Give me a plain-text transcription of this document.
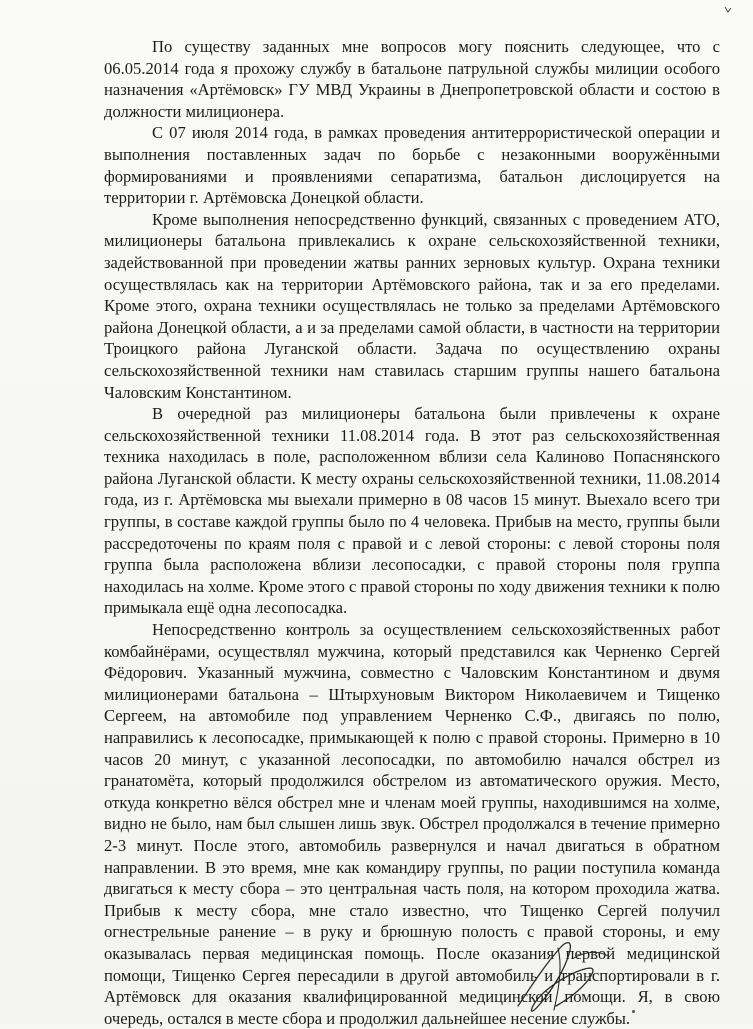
По существу заданных мне вопросов могу пояснить следующее, что с 06.05.2014 года я прохожу службу в батальоне патрульной службы милиции особого назначения «Артёмовск» ГУ МВД Украины в Днепропетровской области и состою в должности милиционера.

С 07 июля 2014 года, в рамках проведения антитеррористической операции и выполнения поставленных задач по борьбе с незаконными вооружёнными формированиями и проявлениями сепаратизма, батальон дислоцируется на территории г. Артёмовска Донецкой области.

Кроме выполнения непосредственно функций, связанных с проведением АТО, милиционеры батальона привлекались к охране сельскохозяйственной техники, задействованной при проведении жатвы ранних зерновых культур. Охрана техники осуществлялась как на территории Артёмовского района, так и за его пределами. Кроме этого, охрана техники осуществлялась не только за пределами Артёмовского района Донецкой области, а и за пределами самой области, в частности на территории Троицкого района Луганской области. Задача по осуществлению охраны сельскохозяйственной техники нам ставилась старшим группы нашего батальона Чаловским Константином.

В очередной раз милиционеры батальона были привлечены к охране сельскохозяйственной техники 11.08.2014 года. В этот раз сельскохозяйственная техника находилась в поле, расположенном вблизи села Калиново Попаснянского района Луганской области. К месту охраны сельскохозяйственной техники, 11.08.2014 года, из г. Артёмовска мы выехали примерно в 08 часов 15 минут. Выехало всего три группы, в составе каждой группы было по 4 человека. Прибыв на место, группы были рассредоточены по краям поля с правой и с левой стороны: с левой стороны поля группа была расположена вблизи лесопосадки, с правой стороны поля группа находилась на холме. Кроме этого с правой стороны по ходу движения техники к полю примыкала ещё одна лесопосадка.

Непосредственно контроль за осуществлением сельскохозяйственных работ комбайнёрами, осуществлял мужчина, который представился как Черненко Сергей Фёдорович. Указанный мужчина, совместно с Чаловским Константином и двумя милиционерами батальона – Штырхуновым Виктором Николаевичем и Тищенко Сергеем, на автомобиле под управлением Черненко С.Ф., двигаясь по полю, направились к лесопосадке, примыкающей к полю с правой стороны. Примерно в 10 часов 20 минут, с указанной лесопосадки, по автомобилю начался обстрел из гранатомёта, который продолжился обстрелом из автоматического оружия. Место, откуда конкретно вёлся обстрел мне и членам моей группы, находившимся на холме, видно не было, нам был слышен лишь звук. Обстрел продолжался в течение примерно 2-3 минут. После этого, автомобиль развернулся и начал двигаться в обратном направлении. В это время, мне как командиру группы, по рации поступила команда двигаться к месту сбора – это центральная часть поля, на котором проходила жатва. Прибыв к месту сбора, мне стало известно, что Тищенко Сергей получил огнестрельные ранение – в руку и брюшную полость с правой стороны, и ему оказывалась первая медицинская помощь. После оказания первой медицинской помощи, Тищенко Сергея пересадили в другой автомобиль и транспортировали в г. Артёмовск для оказания квалифицированной медицинской помощи. Я, в свою очередь, остался в месте сбора и продолжил дальнейшее несение службы.
